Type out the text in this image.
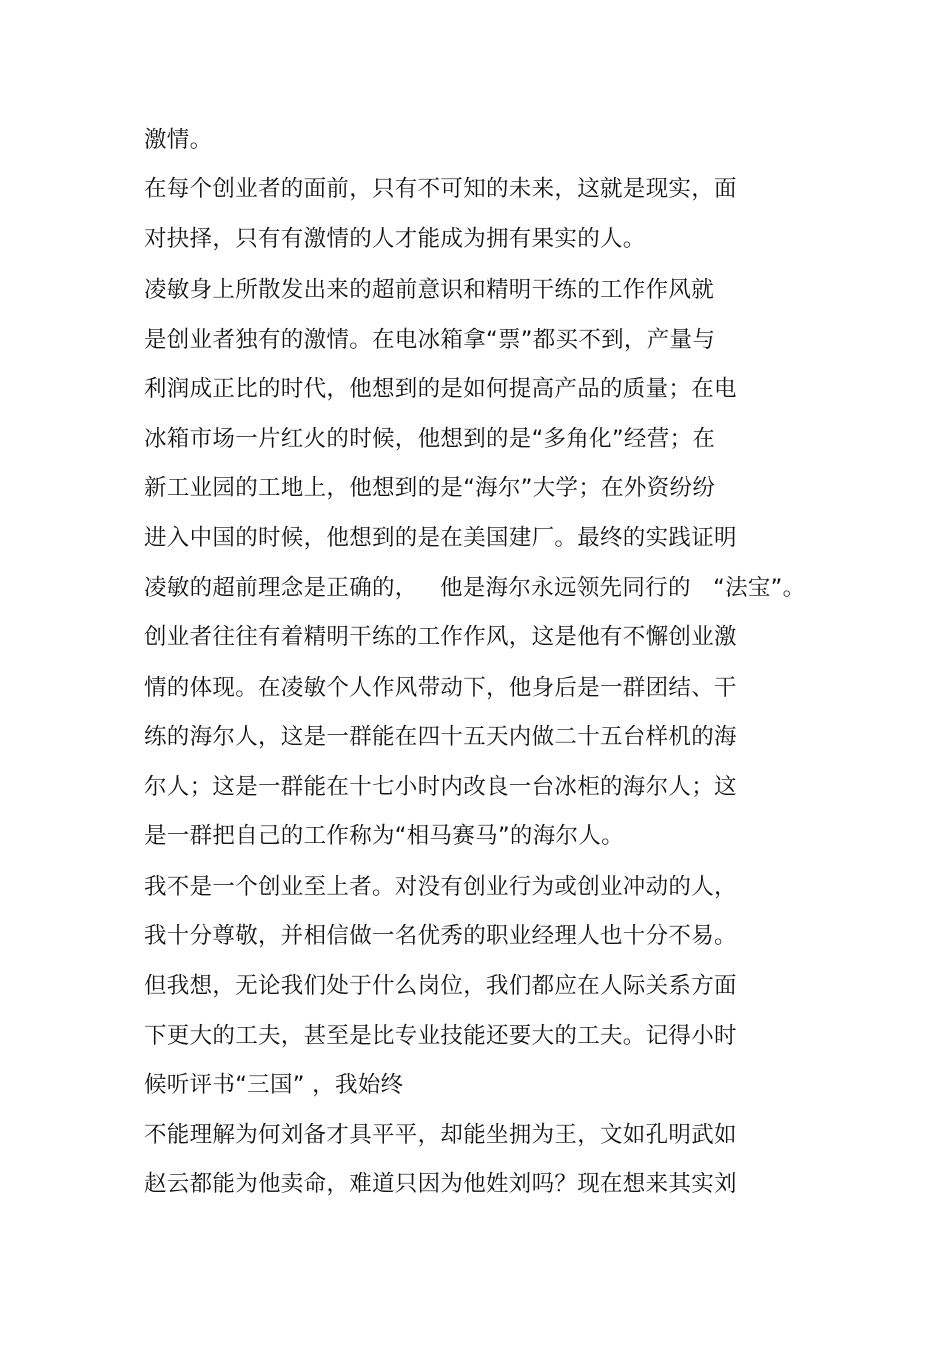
激情。
在每个创业者的面前，只有不可知的未来，这就是现实，面
对抉择，只有有激情的人才能成为拥有果实的人。
凌敏身上所散发出来的超前意识和精明干练的工作作风就
是创业者独有的激情。在电冰箱拿“票”都买不到，产量与
利润成正比的时代，他想到的是如何提高产品的质量；在电
冰箱市场一片红火的时候，他想到的是“多角化”经营；在
新工业园的工地上，他想到的是“海尔”大学；在外资纷纷
进入中国的时候，他想到的是在美国建厂。最终的实践证明
凌敏的超前理念是正确的，   他是海尔永远领先同行的   “法宝”。
创业者往往有着精明干练的工作作风，这是他有不懈创业激
情的体现。在凌敏个人作风带动下，他身后是一群团结、干
练的海尔人，这是一群能在四十五天内做二十五台样机的海
尔人；这是一群能在十七小时内改良一台冰柜的海尔人；这
是一群把自己的工作称为“相马赛马”的海尔人。
我不是一个创业至上者。对没有创业行为或创业冲动的人，
我十分尊敬，并相信做一名优秀的职业经理人也十分不易。
但我想，无论我们处于什么岗位，我们都应在人际关系方面
下更大的工夫，甚至是比专业技能还要大的工夫。记得小时
候听评书“三国” ，我始终
不能理解为何刘备才具平平，却能坐拥为王，文如孔明武如
赵云都能为他卖命，难道只因为他姓刘吗？现在想来其实刘
